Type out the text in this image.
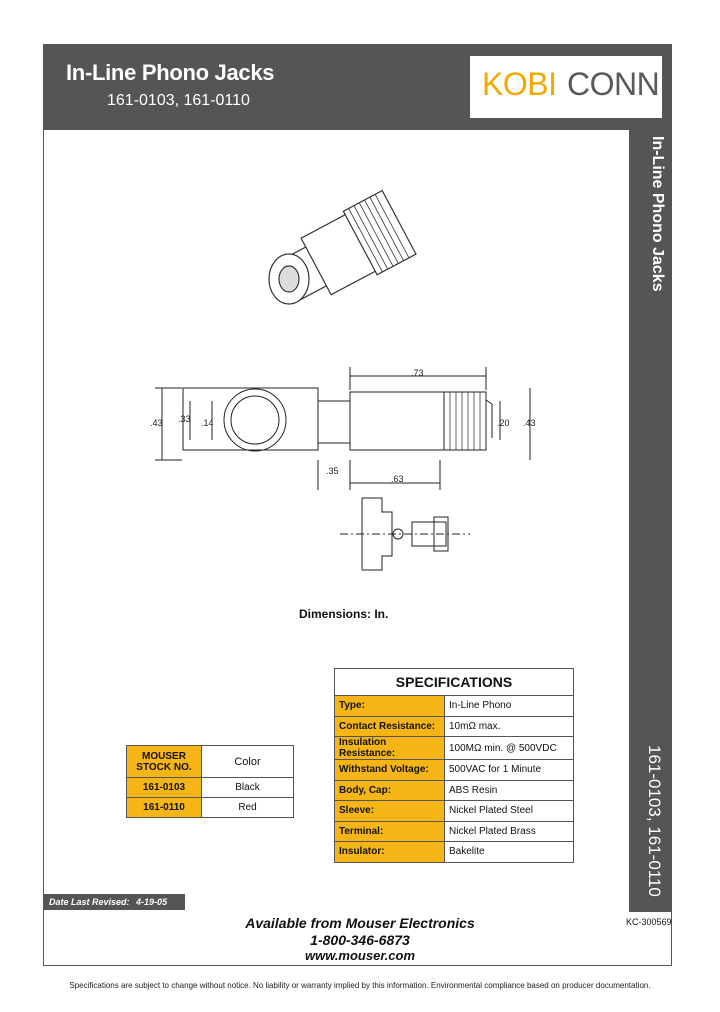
In-Line Phono Jacks
161-0103, 161-0110	KOBI CONN
In-Line Phono Jacks
161-0103, 161-0110
.73
.43 .33 .14	.20 .43
.35
.63
Dimensions: In.
SPECIFICATIONS	
Type:	In-Line Phono
Contact Resistance:	10mΩ max.
Insulation Resistance:	100MΩ min. @ 500VDC
Withstand Voltage:	500VAC for 1 Minute
Body, Cap:	ABS Resin
Sleeve:	Nickel Plated Steel
Terminal:	Nickel Plated Brass
Insulator:	Bakelite
MOUSER STOCK NO.	Color
161-0103	Black
161-0110	Red
Date Last Revised: 4-19-05
KC-300569
Available from Mouser Electronics
1-800-346-6873
www.mouser.com
Specifications are subject to change without notice. No liability or warranty implied by this information. Environmental compliance based on producer documentation.
